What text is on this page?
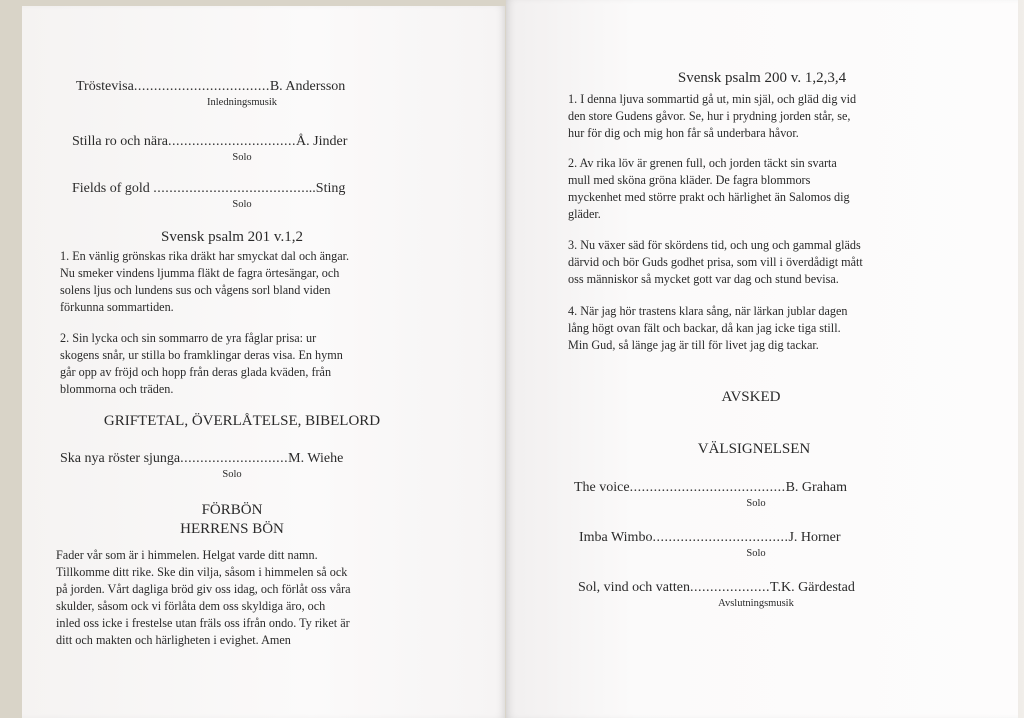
Tröstevisa..................................B. Andersson
Inledningsmusik
Stilla ro och nära................................Å. Jinder
Solo
Fields of gold .........................................Sting
Solo
Svensk psalm 201 v.1,2

1. En vänlig grönskas rika dräkt har smyckat dal och ängar.

Nu smeker vindens ljumma fläkt de fagra örtesängar, och

solens ljus och lundens sus och vågens sorl bland viden

förkunna sommartiden.

2. Sin lycka och sin sommarro de yra fåglar prisa: ur

skogens snår, ur stilla bo framklingar deras visa. En hymn

går opp av fröjd och hopp från deras glada kväden, från

blommorna och träden.

GRIFTETAL, ÖVERLÅTELSE, BIBELORD
Ska nya röster sjunga...........................M. Wiehe
Solo
FÖRBÖN
HERRENS BÖN

Fader vår som är i himmelen. Helgat varde ditt namn.

Tillkomme ditt rike. Ske din vilja, såsom i himmelen så ock

på jorden. Vårt dagliga bröd giv oss idag, och förlåt oss våra

skulder, såsom ock vi förlåta dem oss skyldiga äro, och

inled oss icke i frestelse utan fräls oss ifrån ondo. Ty riket är

ditt och makten och härligheten i evighet. Amen

Svensk psalm 200 v. 1,2,3,4

1. I denna ljuva sommartid gå ut, min själ, och gläd dig vid

den store Gudens gåvor. Se, hur i prydning jorden står, se,

hur för dig och mig hon får så underbara håvor.

2. Av rika löv är grenen full, och jorden täckt sin svarta

mull med sköna gröna kläder. De fagra blommors

myckenhet med större prakt och härlighet än Salomos dig

gläder.

3. Nu växer säd för skördens tid, och ung och gammal gläds

därvid och bör Guds godhet prisa, som vill i överdådigt mått

oss människor så mycket gott var dag och stund bevisa.

4. När jag hör trastens klara sång, när lärkan jublar dagen

lång högt ovan fält och backar, då kan jag icke tiga still.

Min Gud, så länge jag är till för livet jag dig tackar.

AVSKED
VÄLSIGNELSEN
The voice.......................................B. Graham
Solo
Imba Wimbo..................................J. Horner
Solo
Sol, vind och vatten....................T.K. Gärdestad
Avslutningsmusik
